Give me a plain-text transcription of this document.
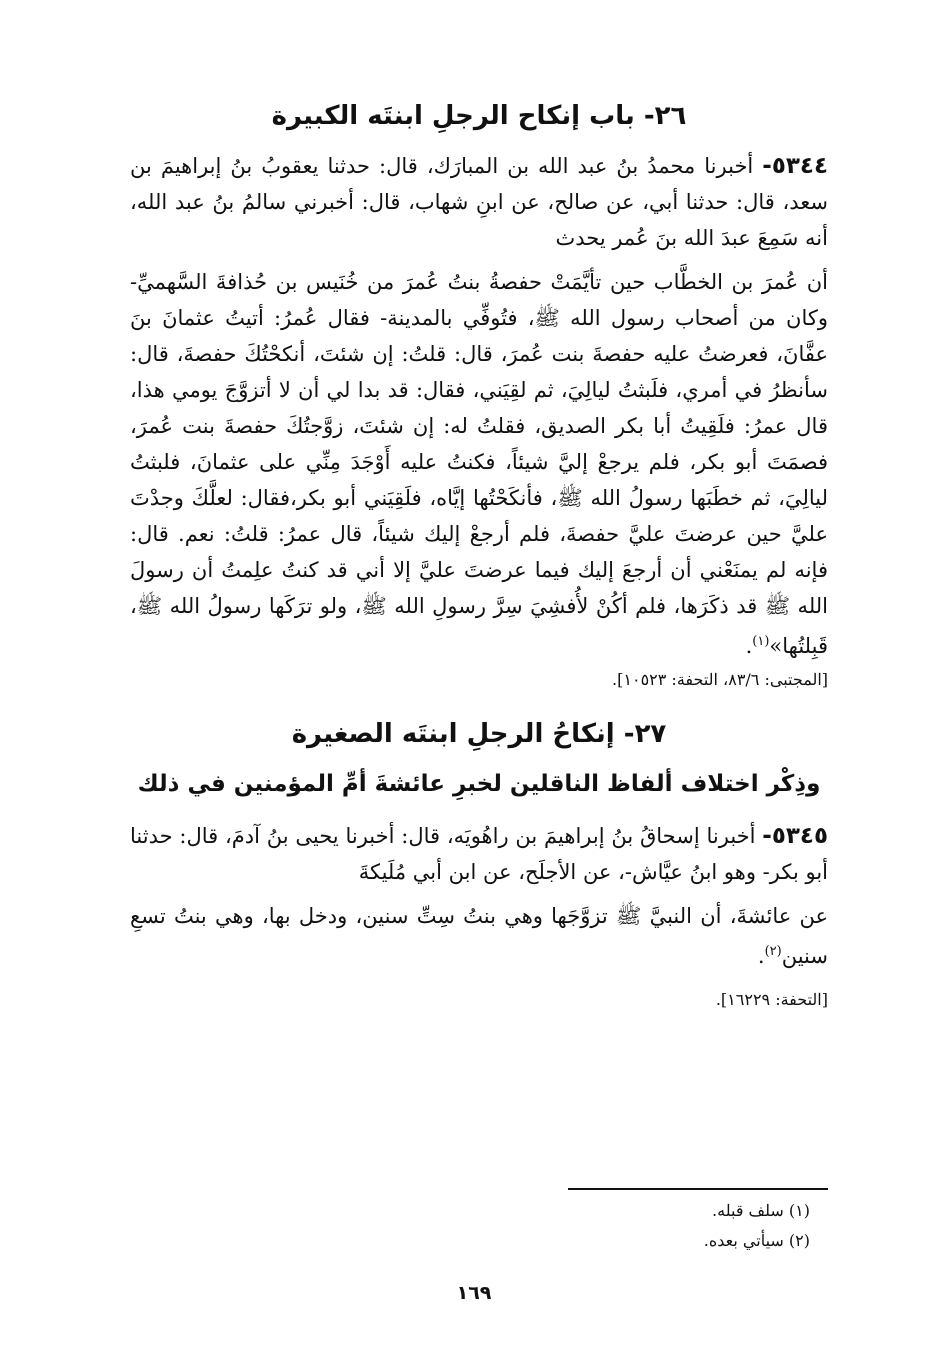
٢٦- باب إنكاح الرجلِ ابنتَه الكبيرة

٥٣٤٤- أخبرنا محمدُ بنُ عبد الله بن المبارَك، قال: حدثنا يعقوبُ بنُ إبراهيمَ بن سعد، قال: حدثنا أبي، عن صالح، عن ابنِ شهاب، قال: أخبرني سالمُ بنُ عبد الله، أنه سَمِعَ عبدَ الله بنَ عُمر يحدث

أن عُمرَ بن الخطَّاب حين تأيَّمَتْ حفصةُ بنتُ عُمرَ من خُنَيس بن حُذافةَ السَّهميِّ- وكان من أصحاب رسول الله ﷺ، فتُوفِّي بالمدينة- فقال عُمرُ: أتيتُ عثمانَ بنَ عفَّانَ، فعرضتُ عليه حفصةَ بنت عُمرَ، قال: قلتُ: إن شئتَ، أنكحْتُكَ حفصةَ، قال: سأنظرُ في أمري، فلَبثتُ ليالِيَ، ثم لقِيَني، فقال: قد بدا لي أن لا أتزوَّجَ يومي هذا، قال عمرُ: فلَقِيتُ أبا بكر الصديق، فقلتُ له: إن شئتَ، زوَّجتُكَ حفصةَ بنت عُمرَ، فصمَتَ أبو بكر، فلم يرجعْ إليَّ شيئاً، فكنتُ عليه أَوْجَدَ مِنِّي على عثمانَ، فلبثتُ ليالِيَ، ثم خطَبَها رسولُ الله ﷺ، فأنكَحْتُها إيَّاه، فلَقِيَني أبو بكر،فقال: لعلَّكَ وجدْتَ عليَّ حين عرضتَ عليَّ حفصةَ، فلم أرجعْ إليك شيئاً، قال عمرُ: قلتُ: نعم. قال: فإنه لم يمنَعْني أن أرجعَ إليك فيما عرضتَ عليَّ إلا أني قد كنتُ علِمتُ أن رسولَ الله ﷺ قد ذكَرَها، فلم أكُنْ لأُفشِيَ سِرَّ رسولِ الله ﷺ، ولو ترَكَها رسولُ الله ﷺ، قَبِلتُها»$^{(١)}$.

[المجتبى: ٨٣/٦، التحفة: ١٠٥٢٣].

٢٧- إنكاحُ الرجلِ ابنتَه الصغيرة
وذِكْر اختلاف ألفاظ الناقلين لخبرِ عائشةَ أمِّ المؤمنين في ذلك

٥٣٤٥- أخبرنا إسحاقُ بنُ إبراهيمَ بن راهُويَه، قال: أخبرنا يحيى بنُ آدمَ، قال: حدثنا أبو بكر- وهو ابنُ عيَّاش-، عن الأجلَح، عن ابن أبي مُلَيكةَ

عن عائشةَ، أن النبيَّ ﷺ تزوَّجَها وهي بنتُ سِتِّ سنين، ودخل بها، وهي بنتُ تسعِ سنين$^{(٢)}$.

[التحفة: ١٦٢٢٩].

(١) سلف قبله.

(٢) سيأتي بعده.

١٦٩
